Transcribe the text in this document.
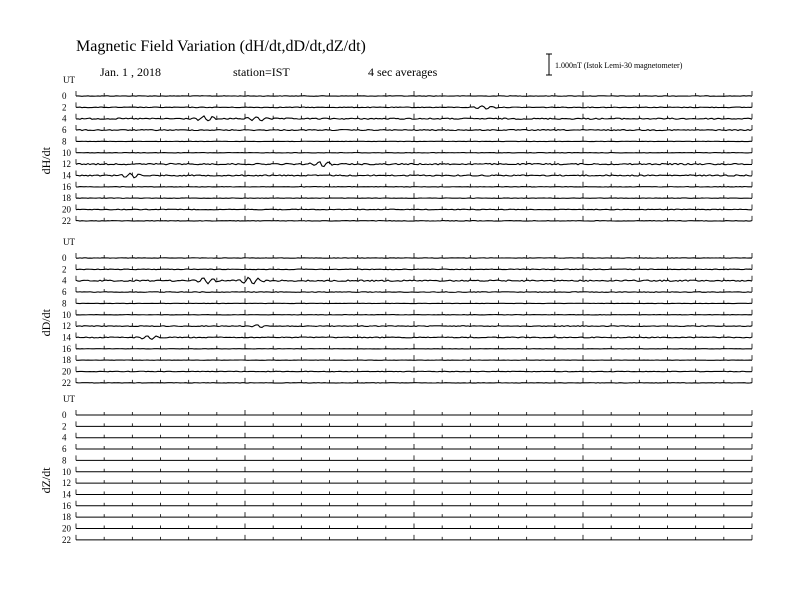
Magnetic Field Variation (dH/dt,dD/dt,dZ/dt)
Jan. 1 , 2018	station=IST	4 sec averages	1.000nT (Istok Lemi-30 magnetometer)
UT
dH/dt
0
2
4
6
8
10
12
14
16
18
20
22
UT
dD/dt
0
2
4
6
8
10
12
14
16
18
20
22
UT
dZ/dt
0
2
4
6
8
10
12
14
16
18
20
22
